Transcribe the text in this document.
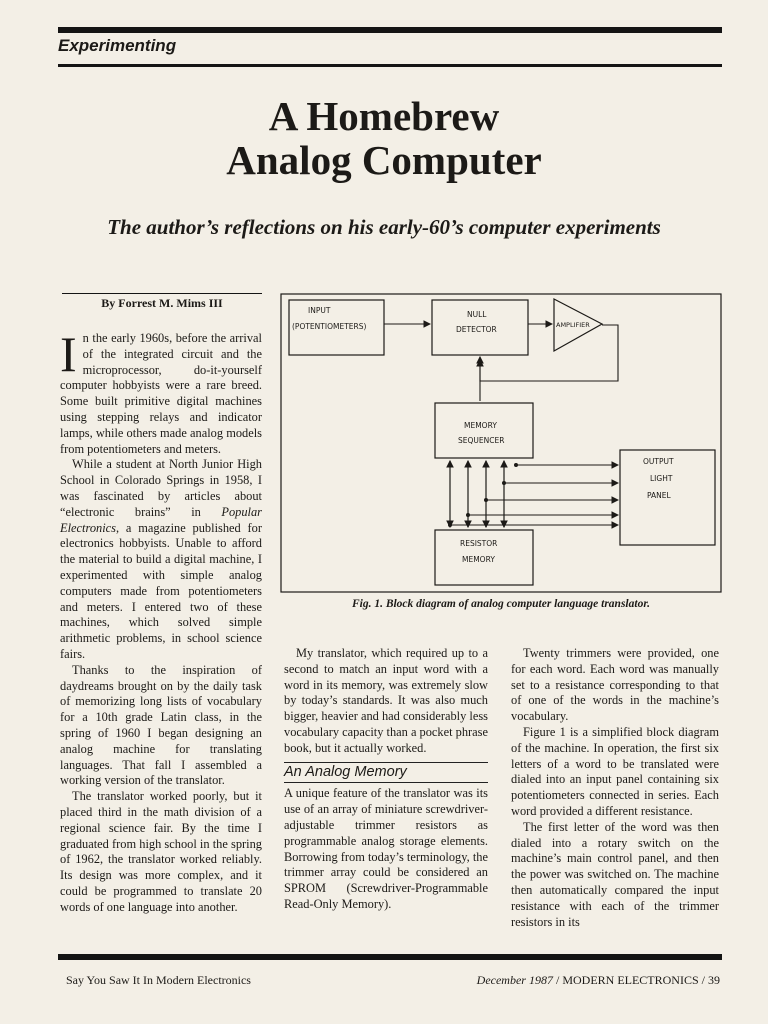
Experimenting
A Homebrew
Analog Computer
The author’s reflections on his early-60’s computer experiments
By Forrest M. Mims III

In the early 1960s, before the arrival of the integrated circuit and the microprocessor, do-it-yourself computer hobbyists were a rare breed. Some built primitive digital machines using stepping relays and indicator lamps, while others made analog models from potentiometers and meters.

While a student at North Junior High School in Colorado Springs in 1958, I was fascinated by articles about “electronic brains” in Popular Electronics, a magazine published for electronics hobbyists. Unable to afford the material to build a digital machine, I experimented with simple analog computers made from potentiometers and meters. I entered two of these machines, which solved simple arithmetic problems, in school science fairs.

Thanks to the inspiration of daydreams brought on by the daily task of memorizing long lists of vocabulary for a 10th grade Latin class, in the spring of 1960 I began designing an analog machine for translating languages. That fall I assembled a working version of the translator.

The translator worked poorly, but it placed third in the math division of a regional science fair. By the time I graduated from high school in the spring of 1962, the translator worked reliably. Its design was more complex, and it could be programmed to translate 20 words of one language into another.

INPUT
(POTENTIOMETERS)
NULL
DETECTOR	AMPLIFIER
MEMORY
SEQUENCER
OUTPUT
LIGHT
PANEL
RESISTOR
MEMORY
Fig. 1. Block diagram of analog computer language translator.

My translator, which required up to a second to match an input word with a word in its memory, was extremely slow by today’s standards. It was also much bigger, heavier and had considerably less vocabulary capacity than a pocket phrase book, but it actually worked.

An Analog Memory

A unique feature of the translator was its use of an array of miniature screwdriver-adjustable trimmer resistors as programmable analog storage elements. Borrowing from today’s terminology, the trimmer array could be considered an SPROM (Screwdriver-Programmable Read-Only Memory).

Twenty trimmers were provided, one for each word. Each word was manually set to a resistance corresponding to that of one of the words in the machine’s vocabulary.

Figure 1 is a simplified block diagram of the machine. In operation, the first six letters of a word to be translated were dialed into an input panel containing six potentiometers connected in series. Each word provided a different resistance.

The first letter of the word was then dialed into a rotary switch on the machine’s main control panel, and then the power was switched on. The machine then automatically compared the input resistance with each of the trimmer resistors in its

Say You Saw It In Modern Electronics	December 1987 / MODERN ELECTRONICS / 39
